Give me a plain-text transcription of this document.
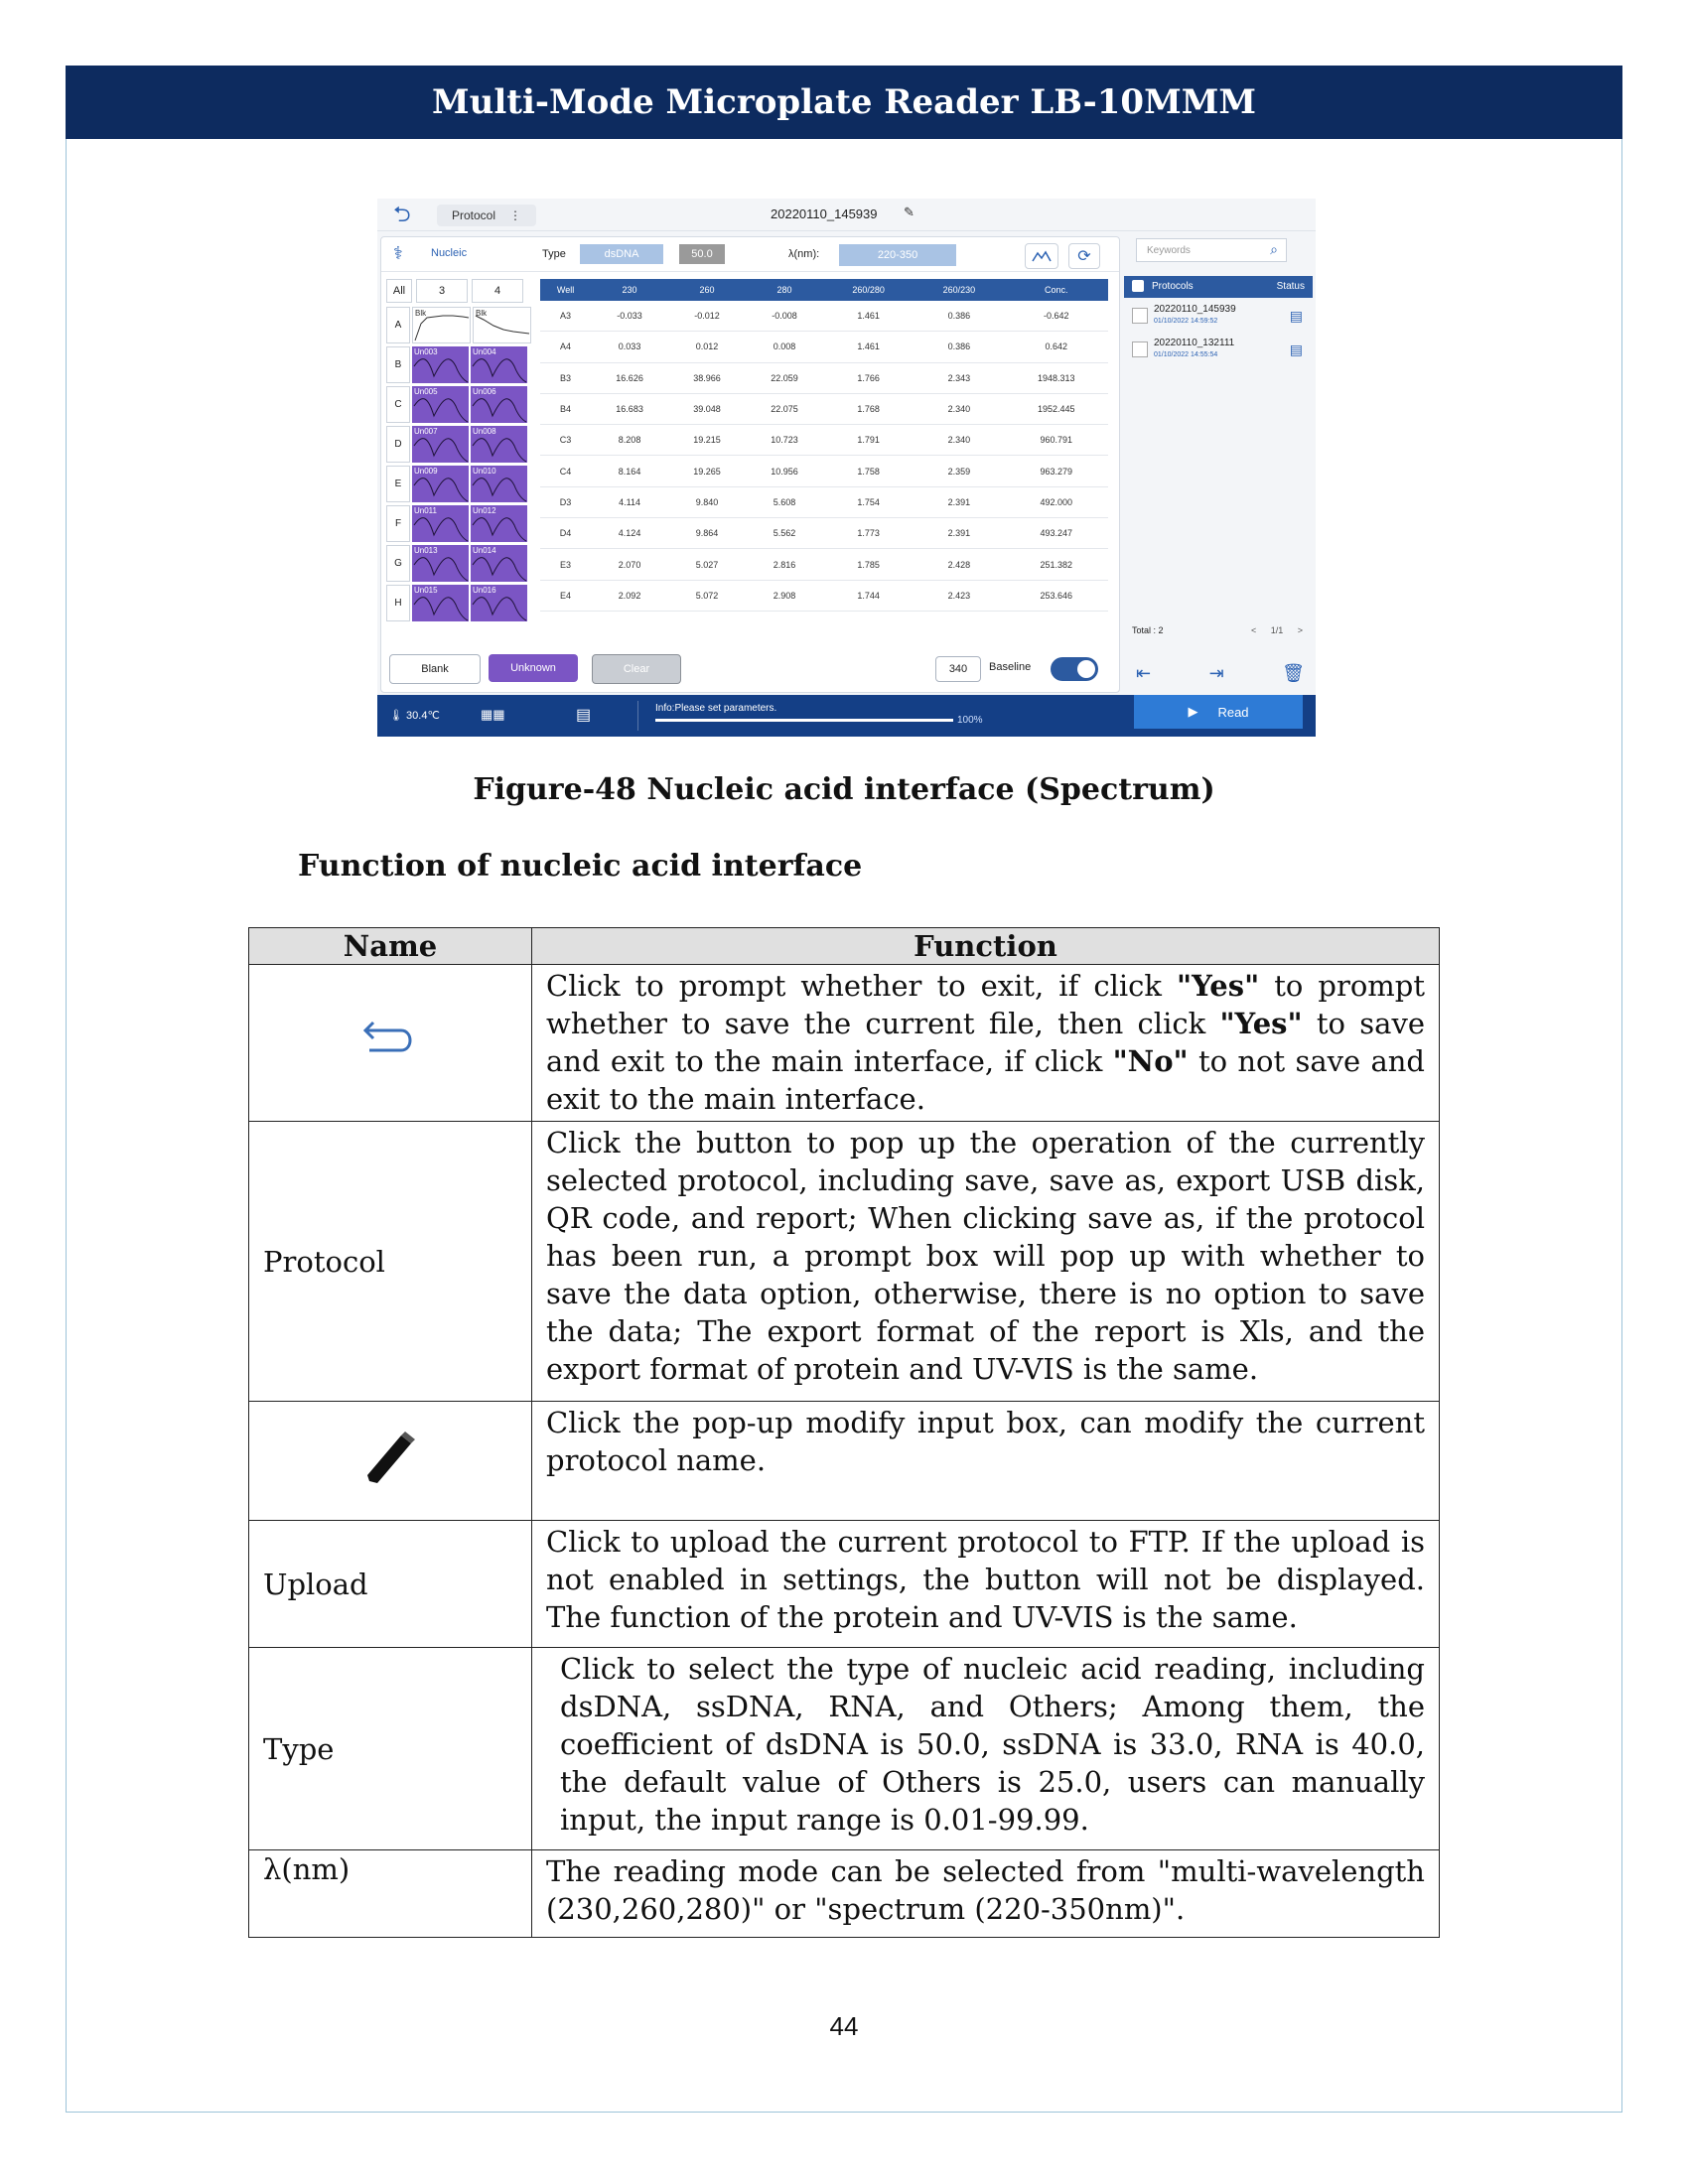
Multi-Mode Microplate Reader LB-10MMM
⮌	Protocol ⋮	20220110_145939 ✎
⚕	Nucleic	Type	dsDNA	50.0	λ(nm):	220-350	⟳
All	3	4
A
Blk	Blk
B
Un003	Un004
C
Un005	Un006
D
Un007	Un008
E
Un009	Un010
F
Un011	Un012
G
Un013	Un014
H
Un015	Un016
Well	230	260	280	260/280	260/230	Conc.
A3	-0.033	-0.012	-0.008	1.461	0.386	-0.642
A4	0.033	0.012	0.008	1.461	0.386	0.642
B3	16.626	38.966	22.059	1.766	2.343	1948.313
B4	16.683	39.048	22.075	1.768	2.340	1952.445
C3	8.208	19.215	10.723	1.791	2.340	960.791
C4	8.164	19.265	10.956	1.758	2.359	963.279
D3	4.114	9.840	5.608	1.754	2.391	492.000
D4	4.124	9.864	5.562	1.773	2.391	493.247
E3	2.070	5.027	2.816	1.785	2.428	251.382
E4	2.092	5.072	2.908	1.744	2.423	253.646
Blank	Unknown	Clear	340	Baseline
Keywords	⌕
Protocols	Status
20220110_145939
01/10/2022 14:59:52	▤
20220110_132111
01/10/2022 14:55:54	▤
Total : 2	< 1/1 >
⇤	⇥	🗑
🌡 30.4℃	▦▦	▤	Info:Please set parameters.
100%
▶ Read
Figure-48 Nucleic acid interface (Spectrum)
Function of nucleic acid interface
Name	Function
	Click to prompt whether to exit, if click "Yes" to prompt whether to save the current file, then click "Yes" to save and exit to the main interface, if click "No" to not save and exit to the main interface.
Protocol	Click the button to pop up the operation of the currently selected protocol, including save, save as, export USB disk, QR code, and report; When clicking save as, if the protocol has been run, a prompt box will pop up with whether to save the data option, otherwise, there is no option to save the data; The export format of the report is Xls, and the export format of protein and UV-VIS is the same.
	Click the pop-up modify input box, can modify the current protocol name.
Upload	Click to upload the current protocol to FTP. If the upload is not enabled in settings, the button will not be displayed. The function of the protein and UV-VIS is the same.
Type	Click to select the type of nucleic acid reading, including dsDNA, ssDNA, RNA, and Others; Among them, the coefficient of dsDNA is 50.0, ssDNA is 33.0, RNA is 40.0, the default value of Others is 25.0, users can manually input, the input range is 0.01-99.99.
λ(nm)	The reading mode can be selected from "multi-wavelength (230,260,280)" or "spectrum (220-350nm)".
44
